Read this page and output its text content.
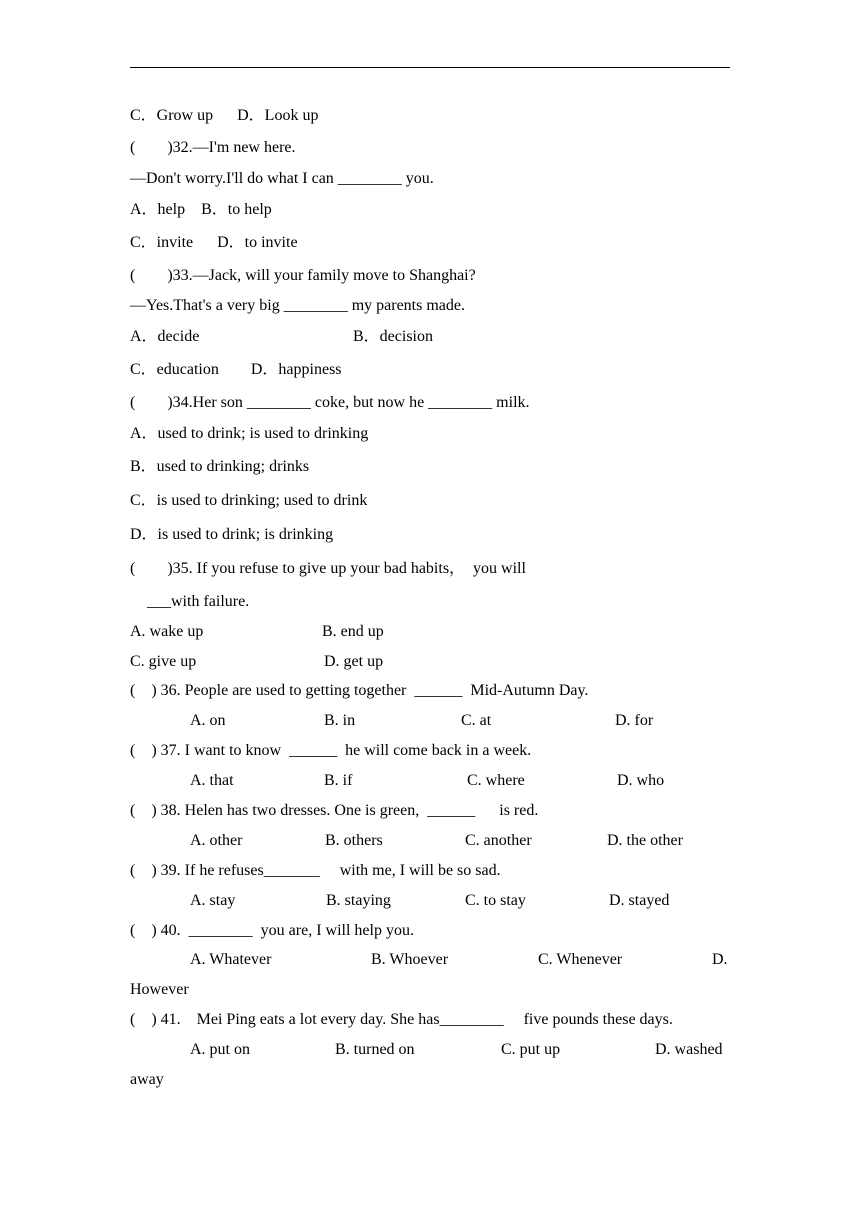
C．Grow up      D．Look up
(        )32.—I'm new here.
—Don't worry.I'll do what I can ________ you.
A．help    B．to help
C．invite      D．to invite
(        )33.—Jack, will your family move to Shanghai?
—Yes.That's a very big ________ my parents made.
A．decide	B．decision
C．education        D．happiness
(        )34.Her son ________ coke, but now he ________ milk.
A．used to drink; is used to drinking
B．used to drinking; drinks
C．is used to drinking; used to drink
D．is used to drink; is drinking
(        )35. If you refuse to give up your bad habits，  you will
___with failure.
A. wake up	B. end up
C. give up	D. get up
(    ) 36. People are used to getting together  ______  Mid-Autumn Day.
A. on	B. in	C. at	D. for
(    ) 37. I want to know  ______  he will come back in a week.
A. that	B. if	C. where	D. who
(    ) 38. Helen has two dresses. One is green,  ______      is red.
A. other	B. others	C. another	D. the other
(    ) 39. If he refuses_______     with me, I will be so sad.
A. stay	B. staying	C. to stay	D. stayed
(    ) 40.  ________  you are, I will help you.
A. Whatever	B. Whoever	C. Whenever	D.
However
(    ) 41.    Mei Ping eats a lot every day. She has________     five pounds these days.
A. put on	B. turned on	C. put up	D. washed
away
